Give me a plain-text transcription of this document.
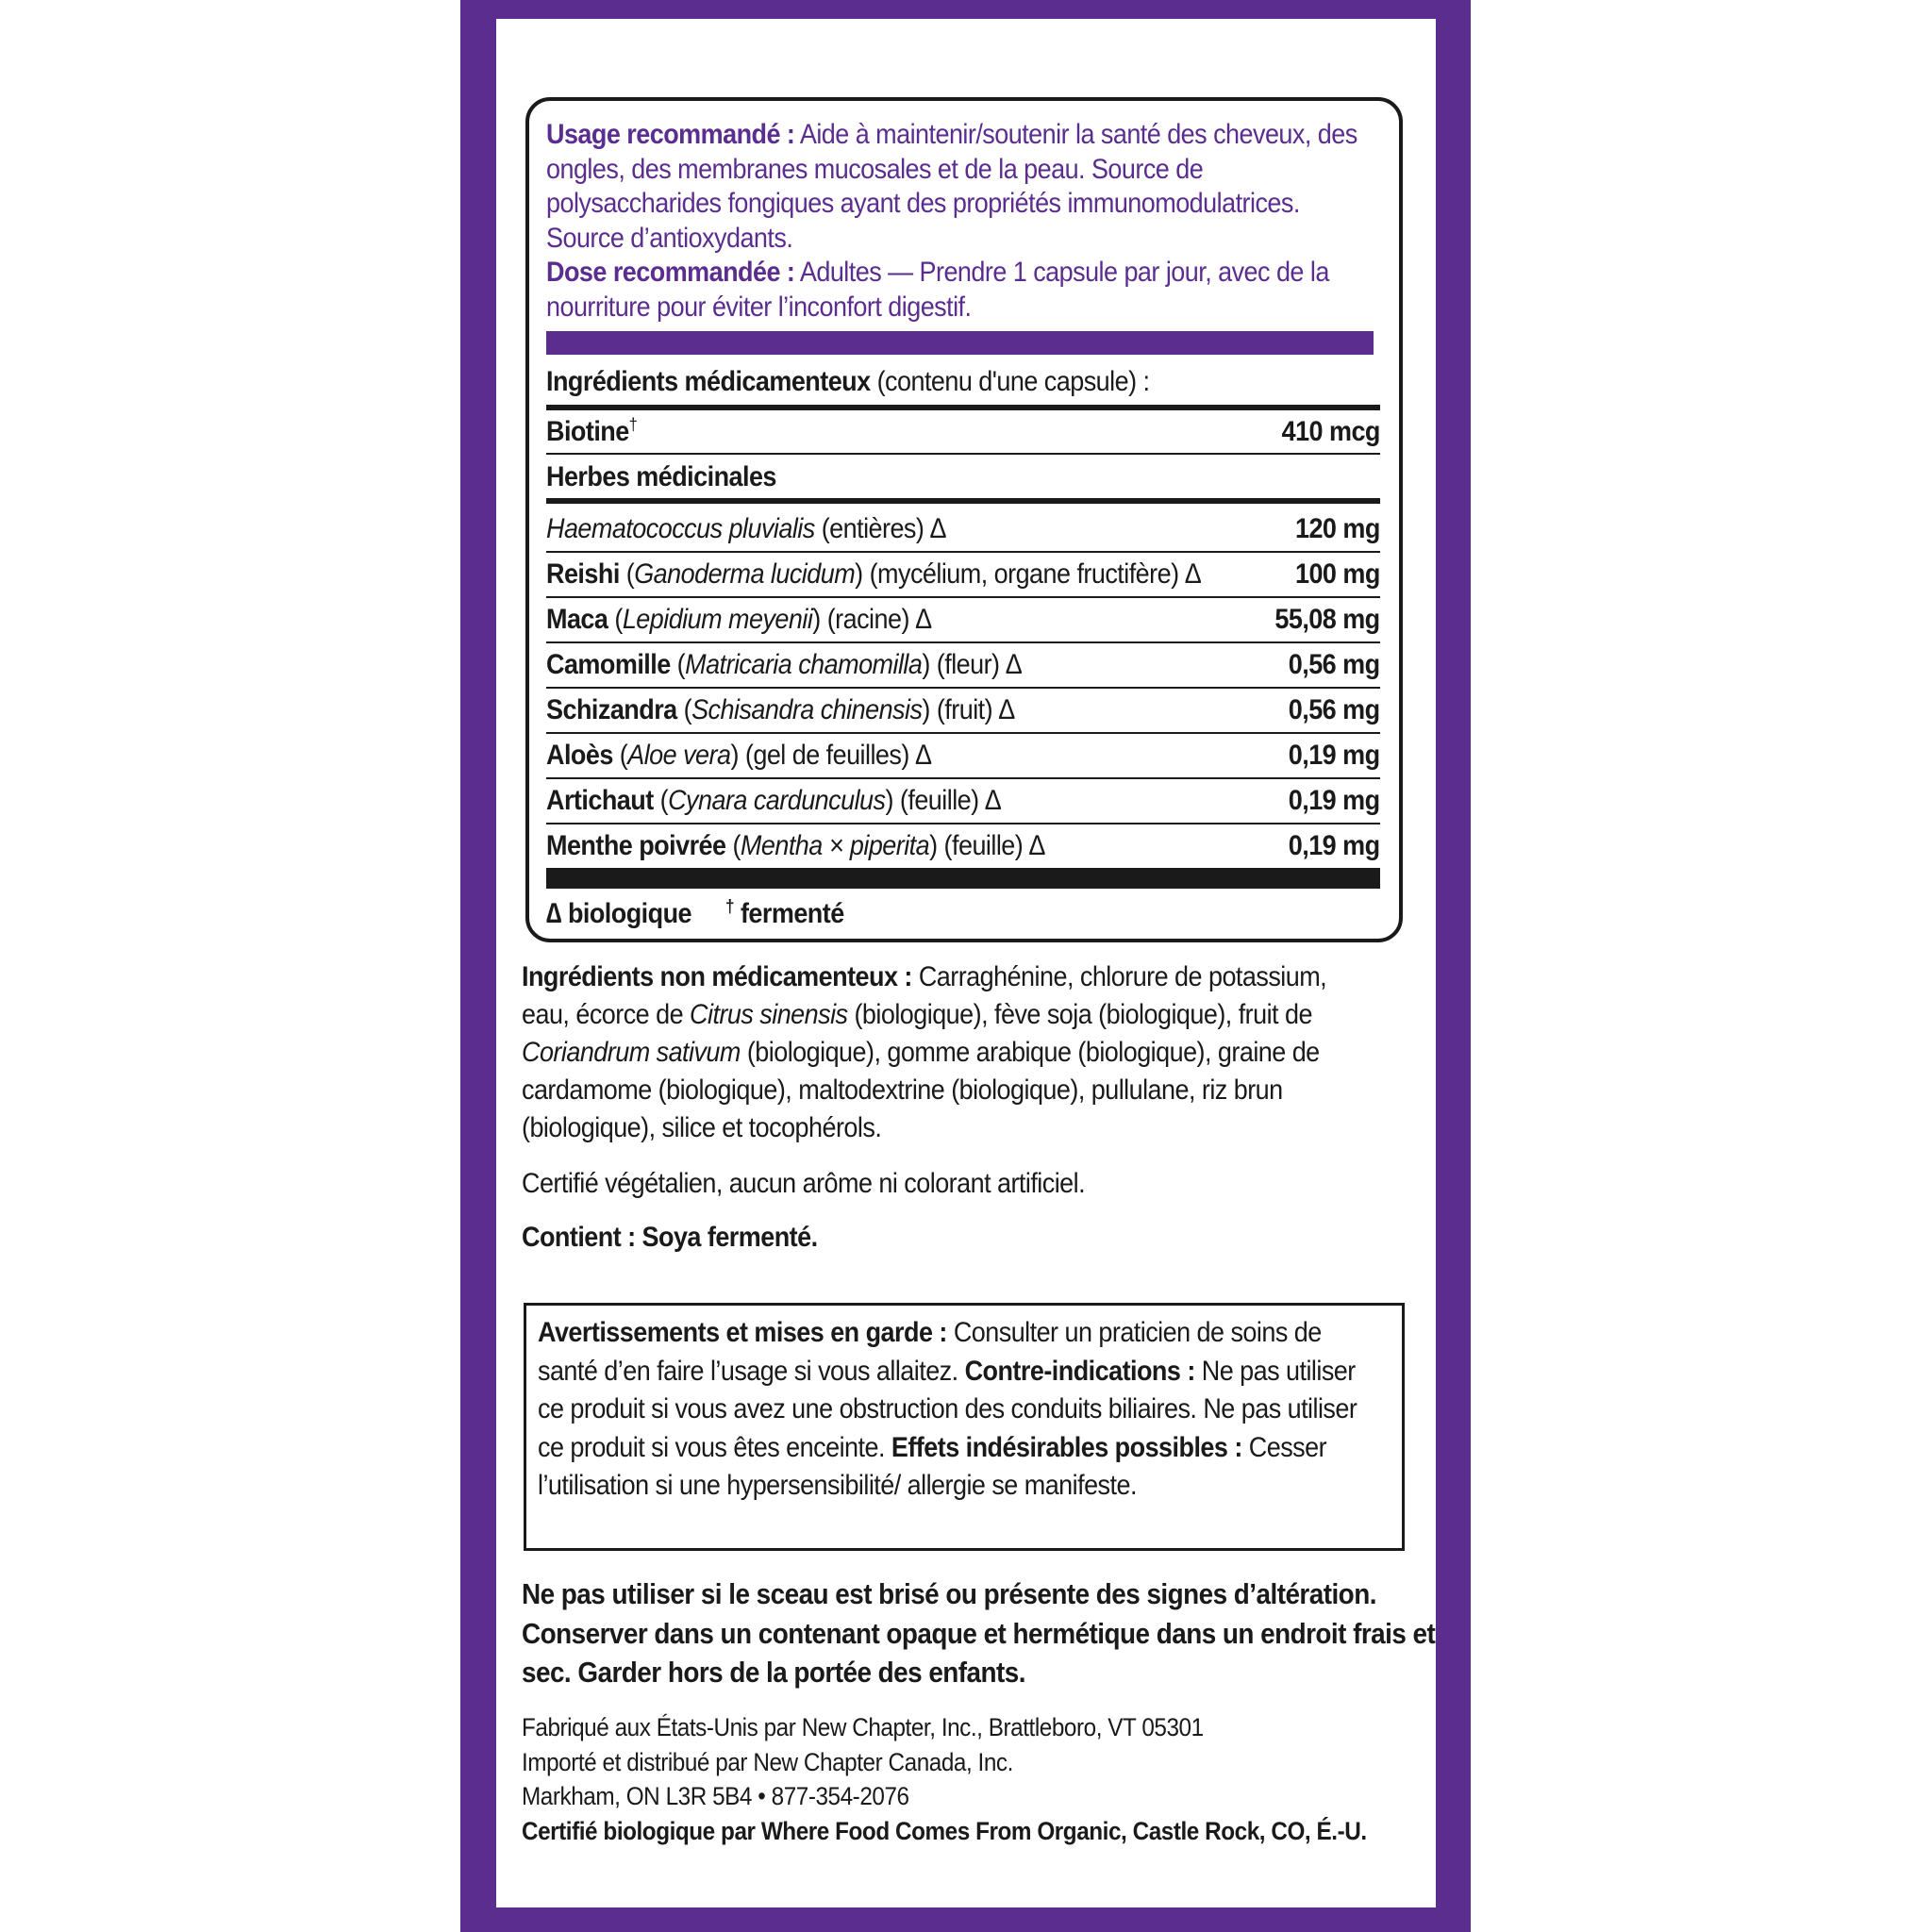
Usage recommandé : Aide à maintenir/soutenir la santé des cheveux, des ongles, des membranes mucosales et de la peau. Source de polysaccharides fongiques ayant des propriétés immunomodulatrices. Source d’antioxydants.
Dose recommandée : Adultes — Prendre 1 capsule par jour, avec de la nourriture pour éviter l’inconfort digestif.
Ingrédients médicamenteux (contenu d'une capsule) :
Biotine†	410 mcg
Herbes médicinales
Haematococcus pluvialis (entières) ∆	120 mg
Reishi (Ganoderma lucidum) (mycélium, organe fructifère) ∆	100 mg
Maca (Lepidium meyenii) (racine) ∆	55,08 mg
Camomille (Matricaria chamomilla) (fleur) ∆	0,56 mg
Schizandra (Schisandra chinensis) (fruit) ∆	0,56 mg
Aloès (Aloe vera) (gel de feuilles) ∆	0,19 mg
Artichaut (Cynara cardunculus) (feuille) ∆	0,19 mg
Menthe poivrée (Mentha × piperita) (feuille) ∆	0,19 mg
∆ biologique † fermenté
Ingrédients non médicamenteux : Carraghénine, chlorure de potassium, eau, écorce de Citrus sinensis (biologique), fève soja (biologique), fruit de Coriandrum sativum (biologique), gomme arabique (biologique), graine de cardamome (biologique), maltodextrine (biologique), pullulane, riz brun (biologique), silice et tocophérols.
Certifié végétalien, aucun arôme ni colorant artificiel.
Contient : Soya fermenté.
Avertissements et mises en garde : Consulter un praticien de soins de santé d’en faire l’usage si vous allaitez. Contre-indications : Ne pas utiliser ce produit si vous avez une obstruction des conduits biliaires. Ne pas utiliser ce produit si vous êtes enceinte. Effets indésirables possibles : Cesser l’utilisation si une hypersensibilité/ allergie se manifeste.
Ne pas utiliser si le sceau est brisé ou présente des signes d’altération. Conserver dans un contenant opaque et hermétique dans un endroit frais et sec. Garder hors de la portée des enfants.
Fabriqué aux États-Unis par New Chapter, Inc., Brattleboro, VT 05301
Importé et distribué par New Chapter Canada, Inc.
Markham, ON L3R 5B4 • 877-354-2076
Certifié biologique par Where Food Comes From Organic, Castle Rock, CO, É.-U.
